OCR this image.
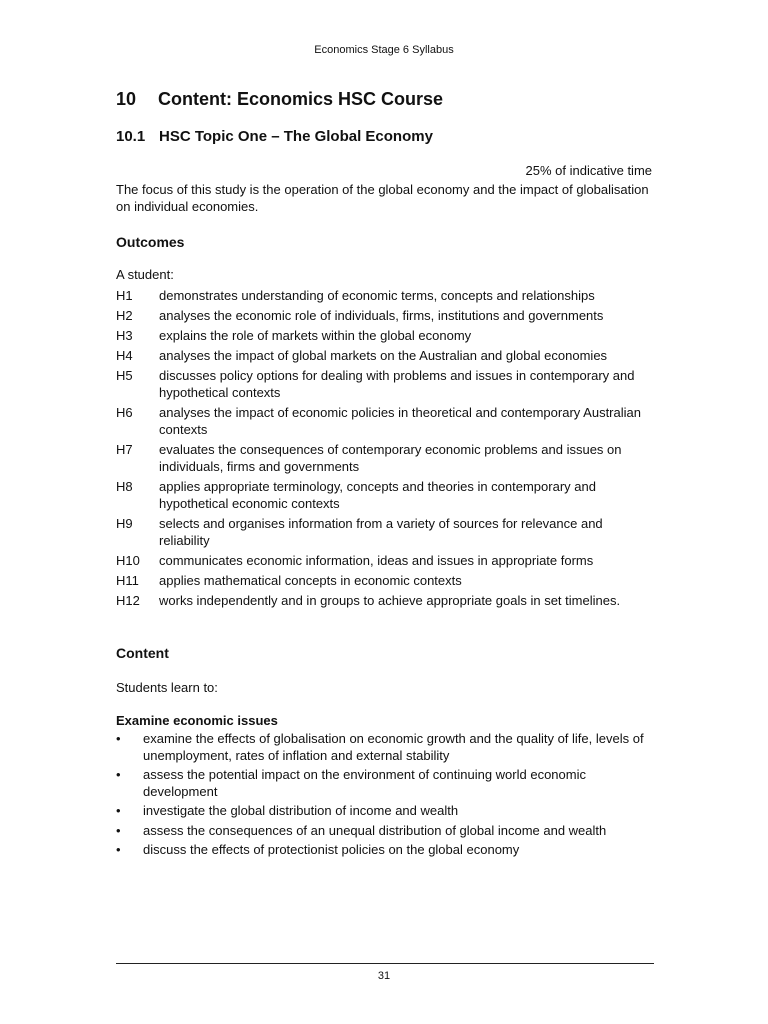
Economics Stage 6 Syllabus
10 Content: Economics HSC Course
10.1 HSC Topic One – The Global Economy
25% of indicative time
The focus of this study is the operation of the global economy and the impact of globalisation on individual economies.
Outcomes
A student:
H1	demonstrates understanding of economic terms, concepts and relationships
H2	analyses the economic role of individuals, firms, institutions and governments
H3	explains the role of markets within the global economy
H4	analyses the impact of global markets on the Australian and global economies
H5	discusses policy options for dealing with problems and issues in contemporary and hypothetical contexts
H6	analyses the impact of economic policies in theoretical and contemporary Australian contexts
H7	evaluates the consequences of contemporary economic problems and issues on individuals, firms and governments
H8	applies appropriate terminology, concepts and theories in contemporary and hypothetical economic contexts
H9	selects and organises information from a variety of sources for relevance and reliability
H10	communicates economic information, ideas and issues in appropriate forms
H11	applies mathematical concepts in economic contexts
H12	works independently and in groups to achieve appropriate goals in set timelines.
Content
Students learn to:
Examine economic issues
•	examine the effects of globalisation on economic growth and the quality of life, levels of unemployment, rates of inflation and external stability
•	assess the potential impact on the environment of continuing world economic development
•	investigate the global distribution of income and wealth
•	assess the consequences of an unequal distribution of global income and wealth
•	discuss the effects of protectionist policies on the global economy
31
